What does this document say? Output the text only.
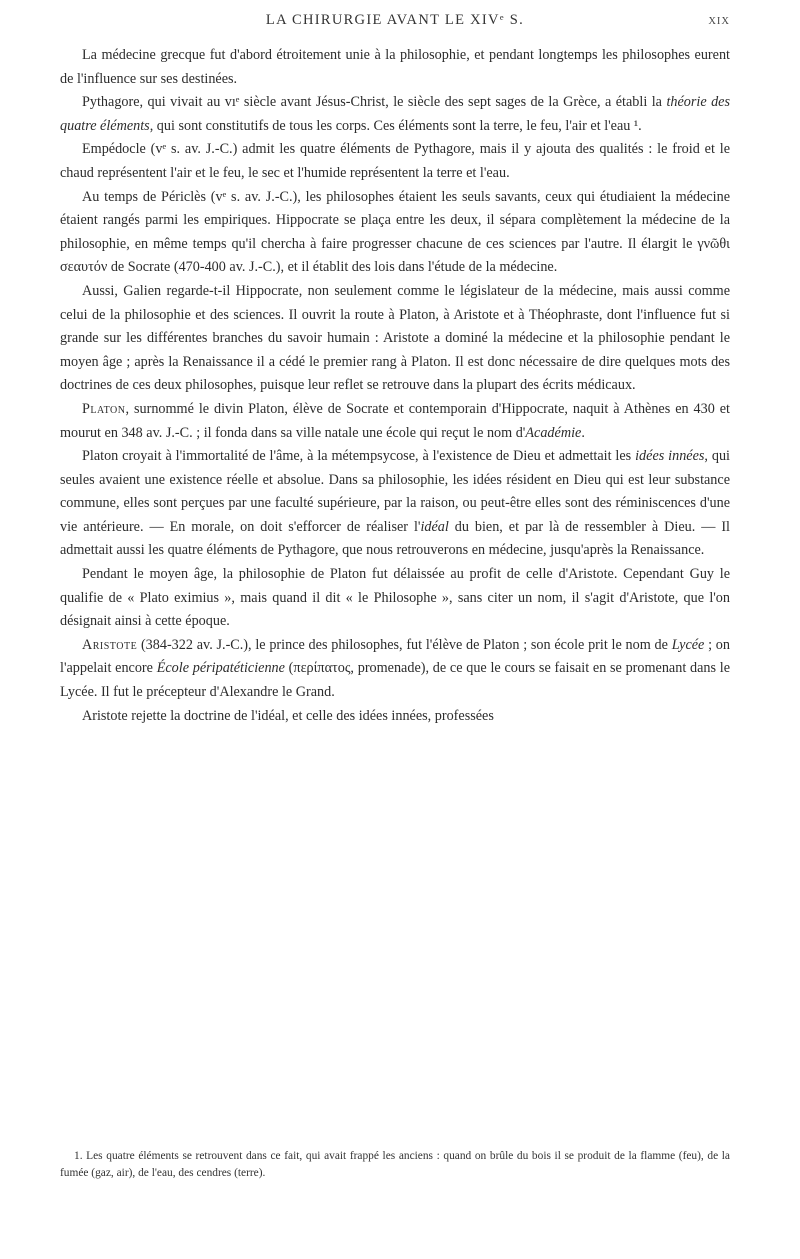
LA CHIRURGIE AVANT LE XIVᵉ S.	XIX

La médecine grecque fut d'abord étroitement unie à la philosophie, et pendant longtemps les philosophes eurent de l'influence sur ses destinées.

Pythagore, qui vivait au vıᵉ siècle avant Jésus-Christ, le siècle des sept sages de la Grèce, a établi la théorie des quatre éléments, qui sont constitutifs de tous les corps. Ces éléments sont la terre, le feu, l'air et l'eau ¹.

Empédocle (vᵉ s. av. J.-C.) admit les quatre éléments de Pythagore, mais il y ajouta des qualités : le froid et le chaud représentent l'air et le feu, le sec et l'humide représentent la terre et l'eau.

Au temps de Périclès (vᵉ s. av. J.-C.), les philosophes étaient les seuls savants, ceux qui étudiaient la médecine étaient rangés parmi les empiriques. Hippocrate se plaça entre les deux, il sépara complètement la médecine de la philosophie, en même temps qu'il chercha à faire progresser chacune de ces sciences par l'autre. Il élargit le γνῶθι σεαυτόν de Socrate (470-400 av. J.-C.), et il établit des lois dans l'étude de la médecine.

Aussi, Galien regarde-t-il Hippocrate, non seulement comme le législateur de la médecine, mais aussi comme celui de la philosophie et des sciences. Il ouvrit la route à Platon, à Aristote et à Théophraste, dont l'influence fut si grande sur les différentes branches du savoir humain : Aristote a dominé la médecine et la philosophie pendant le moyen âge ; après la Renaissance il a cédé le premier rang à Platon. Il est donc nécessaire de dire quelques mots des doctrines de ces deux philosophes, puisque leur reflet se retrouve dans la plupart des écrits médicaux.

Platon, surnommé le divin Platon, élève de Socrate et contemporain d'Hippocrate, naquit à Athènes en 430 et mourut en 348 av. J.-C. ; il fonda dans sa ville natale une école qui reçut le nom d'Académie.

Platon croyait à l'immortalité de l'âme, à la métempsycose, à l'existence de Dieu et admettait les idées innées, qui seules avaient une existence réelle et absolue. Dans sa philosophie, les idées résident en Dieu qui est leur substance commune, elles sont perçues par une faculté supérieure, par la raison, ou peut-être elles sont des réminiscences d'une vie antérieure. — En morale, on doit s'efforcer de réaliser l'idéal du bien, et par là de ressembler à Dieu. — Il admettait aussi les quatre éléments de Pythagore, que nous retrouverons en médecine, jusqu'après la Renaissance.

Pendant le moyen âge, la philosophie de Platon fut délaissée au profit de celle d'Aristote. Cependant Guy le qualifie de « Plato eximius », mais quand il dit « le Philosophe », sans citer un nom, il s'agit d'Aristote, que l'on désignait ainsi à cette époque.

Aristote (384-322 av. J.-C.), le prince des philosophes, fut l'élève de Platon ; son école prit le nom de Lycée ; on l'appelait encore École péripatéticienne (περίπατος, promenade), de ce que le cours se faisait en se promenant dans le Lycée. Il fut le précepteur d'Alexandre le Grand.

Aristote rejette la doctrine de l'idéal, et celle des idées innées, professées

1. Les quatre éléments se retrouvent dans ce fait, qui avait frappé les anciens : quand on brûle du bois il se produit de la flamme (feu), de la fumée (gaz, air), de l'eau, des cendres (terre).
